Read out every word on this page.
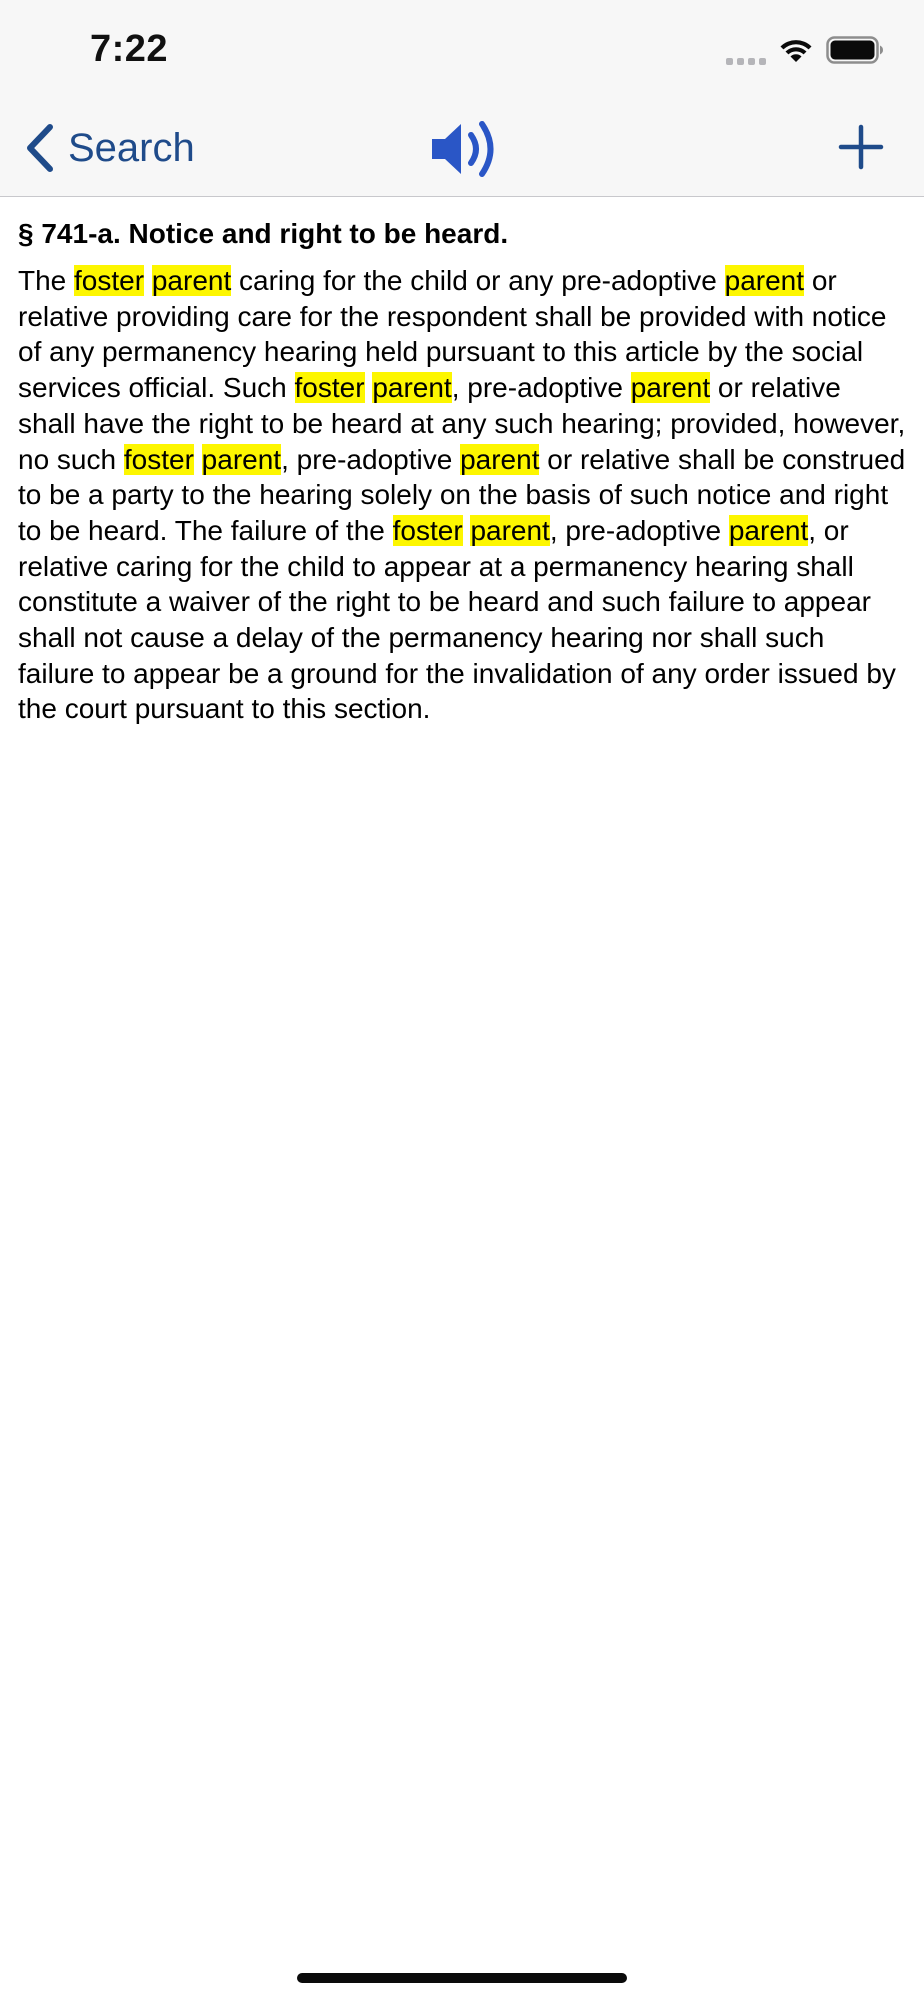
7:22
Search
§ 741-a. Notice and right to be heard.
The foster parent caring for the child or any pre-adoptive parent or relative providing care for the respondent shall be provided with notice of any permanency hearing held pursuant to this article by the social services official. Such foster parent, pre-adoptive parent or relative shall have the right to be heard at any such hearing; provided, however, no such foster parent, pre-adoptive parent or relative shall be construed to be a party to the hearing solely on the basis of such notice and right to be heard. The failure of the foster parent, pre-adoptive parent, or relative caring for the child to appear at a permanency hearing shall constitute a waiver of the right to be heard and such failure to appear shall not cause a delay of the permanency hearing nor shall such failure to appear be a ground for the invalidation of any order issued by the court pursuant to this section.
